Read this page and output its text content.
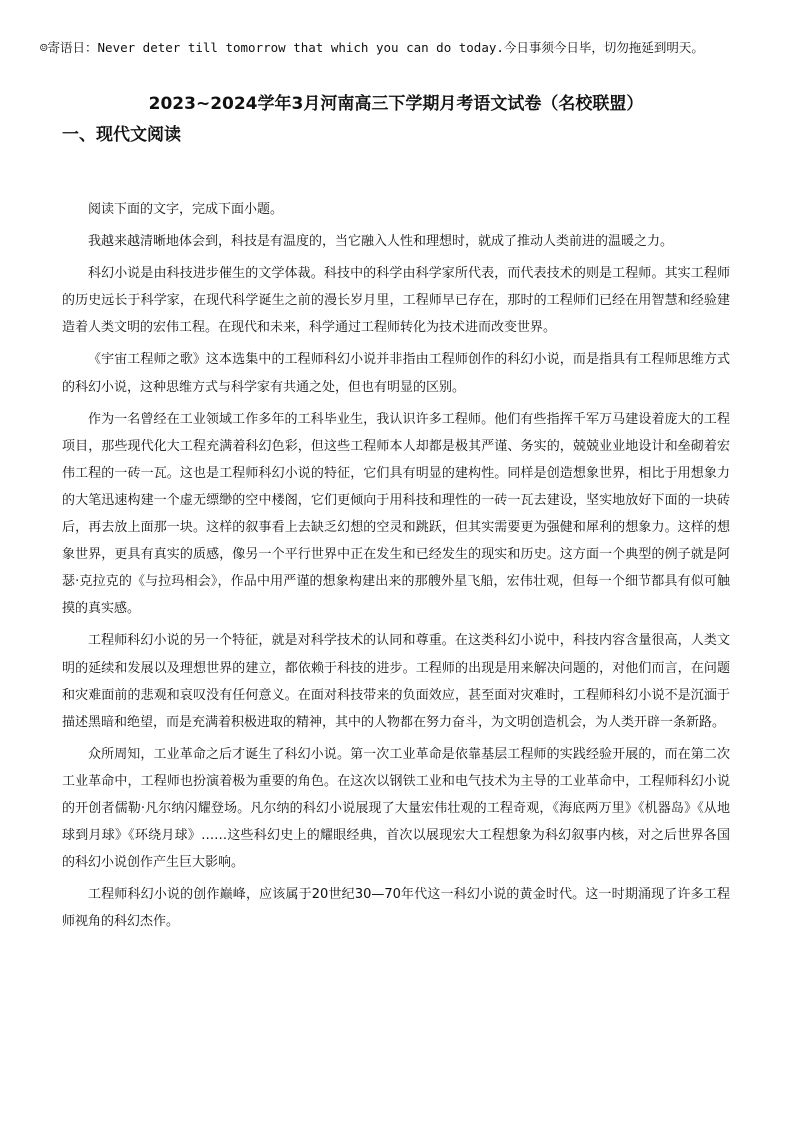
☺寄语日：Never deter till tomorrow that which you can do today.今日事须今日毕，切勿拖延到明天。
2023~2024学年3月河南高三下学期月考语文试卷（名校联盟）
一、现代文阅读

阅读下面的文字，完成下面小题。

我越来越清晰地体会到，科技是有温度的，当它融入人性和理想时，就成了推动人类前进的温暖之力。

科幻小说是由科技进步催生的文学体裁。科技中的科学由科学家所代表，而代表技术的则是工程师。其实工程师的历史远长于科学家，在现代科学诞生之前的漫长岁月里，工程师早已存在，那时的工程师们已经在用智慧和经验建造着人类文明的宏伟工程。在现代和未来，科学通过工程师转化为技术进而改变世界。

《宇宙工程师之歌》这本选集中的工程师科幻小说并非指由工程师创作的科幻小说，而是指具有工程师思维方式的科幻小说，这种思维方式与科学家有共通之处，但也有明显的区别。

作为一名曾经在工业领域工作多年的工科毕业生，我认识许多工程师。他们有些指挥千军万马建设着庞大的工程项目，那些现代化大工程充满着科幻色彩，但这些工程师本人却都是极其严谨、务实的，兢兢业业地设计和垒砌着宏伟工程的一砖一瓦。这也是工程师科幻小说的特征，它们具有明显的建构性。同样是创造想象世界，相比于用想象力的大笔迅速构建一个虚无缥缈的空中楼阁，它们更倾向于用科技和理性的一砖一瓦去建设，坚实地放好下面的一块砖后，再去放上面那一块。这样的叙事看上去缺乏幻想的空灵和跳跃，但其实需要更为强健和犀利的想象力。这样的想象世界，更具有真实的质感，像另一个平行世界中正在发生和已经发生的现实和历史。这方面一个典型的例子就是阿瑟·克拉克的《与拉玛相会》，作品中用严谨的想象构建出来的那艘外星飞船，宏伟壮观，但每一个细节都具有似可触摸的真实感。

工程师科幻小说的另一个特征，就是对科学技术的认同和尊重。在这类科幻小说中，科技内容含量很高，人类文明的延续和发展以及理想世界的建立，都依赖于科技的进步。工程师的出现是用来解决问题的，对他们而言，在问题和灾难面前的悲观和哀叹没有任何意义。在面对科技带来的负面效应，甚至面对灾难时，工程师科幻小说不是沉湎于描述黑暗和绝望，而是充满着积极进取的精神，其中的人物都在努力奋斗，为文明创造机会，为人类开辟一条新路。

众所周知，工业革命之后才诞生了科幻小说。第一次工业革命是依靠基层工程师的实践经验开展的，而在第二次工业革命中，工程师也扮演着极为重要的角色。在这次以钢铁工业和电气技术为主导的工业革命中，工程师科幻小说的开创者儒勒·凡尔纳闪耀登场。凡尔纳的科幻小说展现了大量宏伟壮观的工程奇观，《海底两万里》《机器岛》《从地球到月球》《环绕月球》……这些科幻史上的耀眼经典，首次以展现宏大工程想象为科幻叙事内核，对之后世界各国的科幻小说创作产生巨大影响。

工程师科幻小说的创作巅峰，应该属于20世纪30—70年代这一科幻小说的黄金时代。这一时期涌现了许多工程师视角的科幻杰作。
